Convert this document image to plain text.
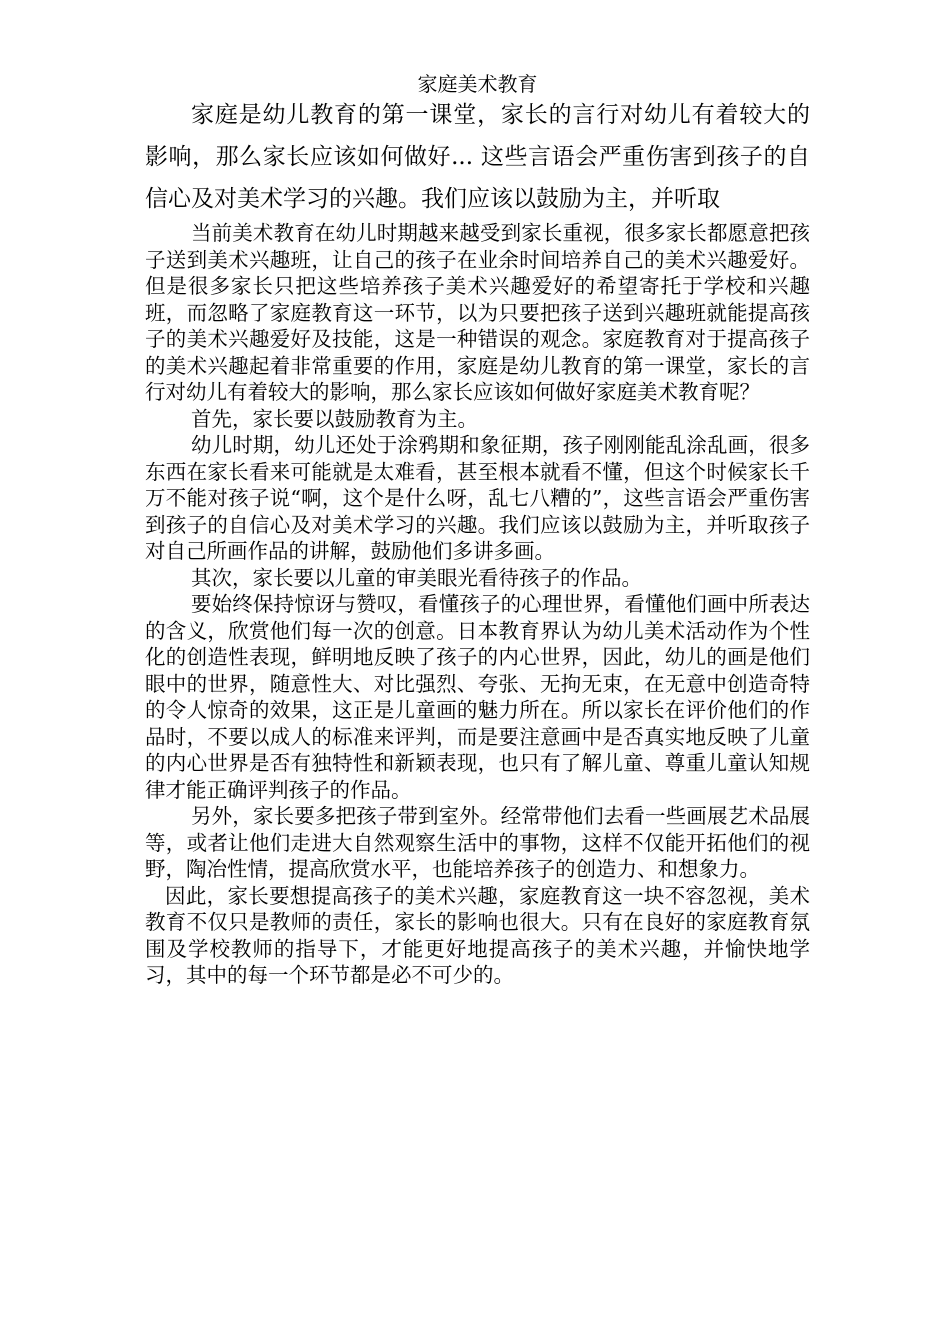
家庭美术教育

家庭是幼儿教育的第一课堂，家长的言行对幼儿有着较大的影响，那么家长应该如何做好... 这些言语会严重伤害到孩子的自信心及对美术学习的兴趣。我们应该以鼓励为主，并听取

当前美术教育在幼儿时期越来越受到家长重视，很多家长都愿意把孩子送到美术兴趣班，让自己的孩子在业余时间培养自己的美术兴趣爱好。但是很多家长只把这些培养孩子美术兴趣爱好的希望寄托于学校和兴趣班，而忽略了家庭教育这一环节，以为只要把孩子送到兴趣班就能提高孩子的美术兴趣爱好及技能，这是一种错误的观念。家庭教育对于提高孩子的美术兴趣起着非常重要的作用，家庭是幼儿教育的第一课堂，家长的言行对幼儿有着较大的影响，那么家长应该如何做好家庭美术教育呢？

首先，家长要以鼓励教育为主。

幼儿时期，幼儿还处于涂鸦期和象征期，孩子刚刚能乱涂乱画，很多东西在家长看来可能就是太难看，甚至根本就看不懂，但这个时候家长千万不能对孩子说“啊，这个是什么呀，乱七八糟的”，这些言语会严重伤害到孩子的自信心及对美术学习的兴趣。我们应该以鼓励为主，并听取孩子对自己所画作品的讲解，鼓励他们多讲多画。

其次，家长要以儿童的审美眼光看待孩子的作品。

要始终保持惊讶与赞叹，看懂孩子的心理世界，看懂他们画中所表达的含义，欣赏他们每一次的创意。日本教育界认为幼儿美术活动作为个性化的创造性表现，鲜明地反映了孩子的内心世界，因此，幼儿的画是他们眼中的世界，随意性大、对比强烈、夸张、无拘无束，在无意中创造奇特的令人惊奇的效果，这正是儿童画的魅力所在。所以家长在评价他们的作品时，不要以成人的标准来评判，而是要注意画中是否真实地反映了儿童的内心世界是否有独特性和新颖表现，也只有了解儿童、尊重儿童认知规律才能正确评判孩子的作品。

另外，家长要多把孩子带到室外。经常带他们去看一些画展艺术品展等，或者让他们走进大自然观察生活中的事物，这样不仅能开拓他们的视野，陶冶性情，提高欣赏水平，也能培养孩子的创造力、和想象力。

因此，家长要想提高孩子的美术兴趣，家庭教育这一块不容忽视，美术教育不仅只是教师的责任，家长的影响也很大。只有在良好的家庭教育氛围及学校教师的指导下，才能更好地提高孩子的美术兴趣，并愉快地学习，其中的每一个环节都是必不可少的。
